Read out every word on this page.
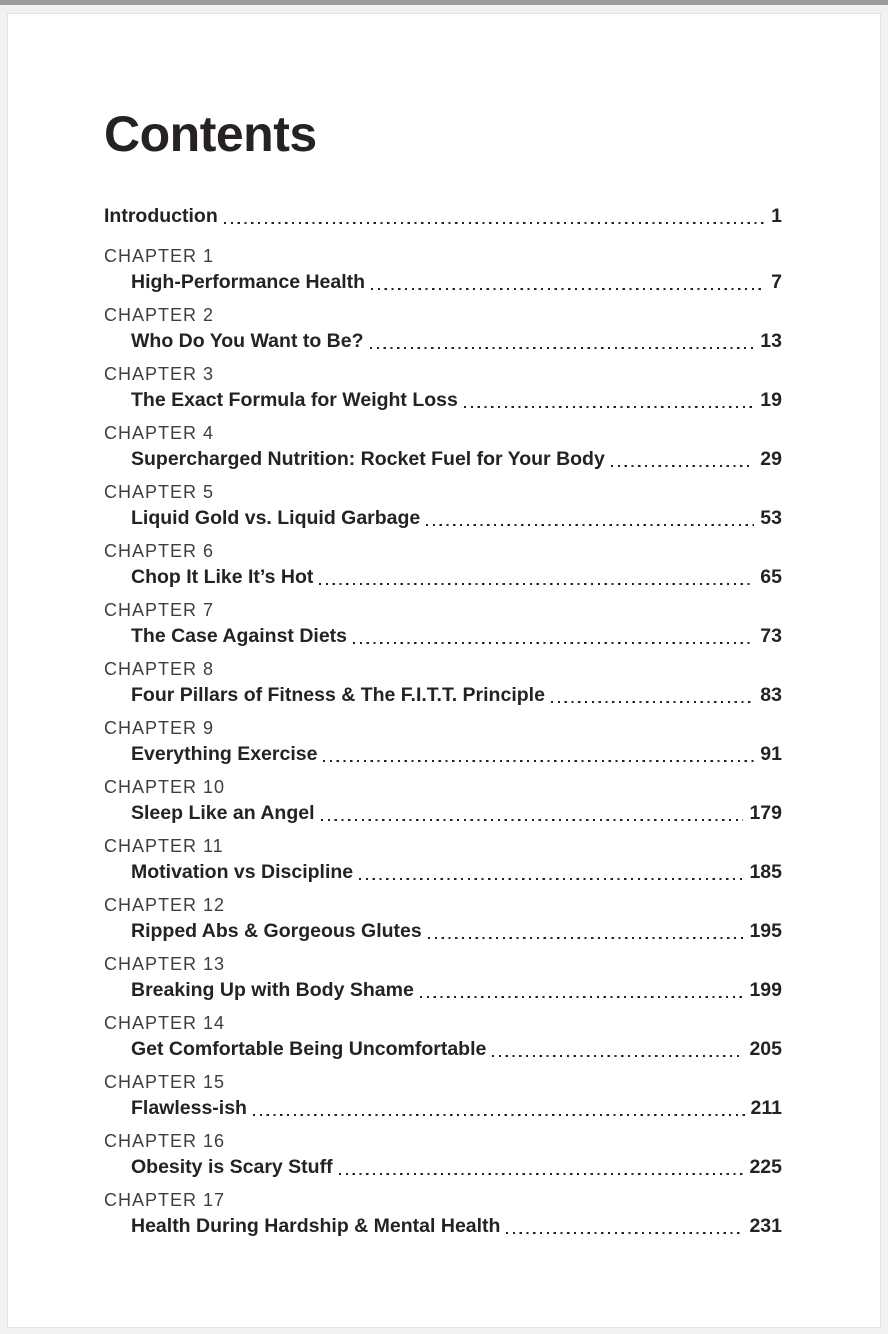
Contents
Introduction	1
CHAPTER 1
High-Performance Health	7
CHAPTER 2
Who Do You Want to Be?	13
CHAPTER 3
The Exact Formula for Weight Loss	19
CHAPTER 4
Supercharged Nutrition: Rocket Fuel for Your Body	29
CHAPTER 5
Liquid Gold vs. Liquid Garbage	53
CHAPTER 6
Chop It Like It’s Hot	65
CHAPTER 7
The Case Against Diets	73
CHAPTER 8
Four Pillars of Fitness & The F.I.T.T. Principle	83
CHAPTER 9
Everything Exercise	91
CHAPTER 10
Sleep Like an Angel	179
CHAPTER 11
Motivation vs Discipline	185
CHAPTER 12
Ripped Abs & Gorgeous Glutes	195
CHAPTER 13
Breaking Up with Body Shame	199
CHAPTER 14
Get Comfortable Being Uncomfortable	205
CHAPTER 15
Flawless-ish	211
CHAPTER 16
Obesity is Scary Stuff	225
CHAPTER 17
Health During Hardship & Mental Health	231
